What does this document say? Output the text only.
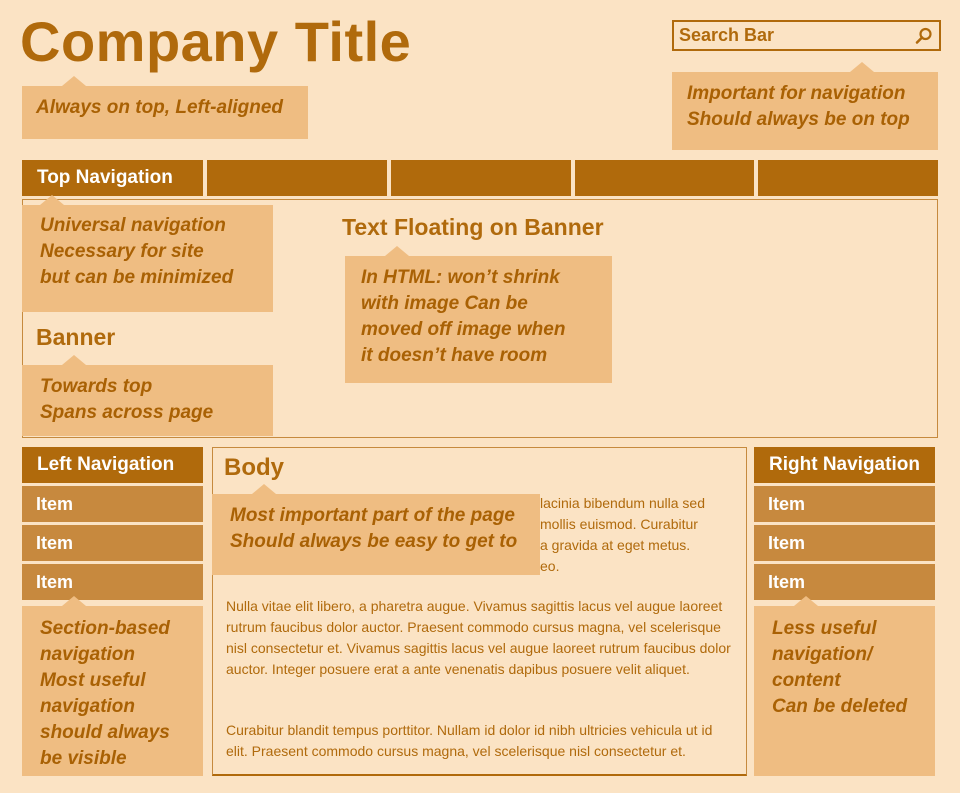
Company Title
Always on top, Left-aligned
Search Bar
Important for navigation
Should always be on top
Top Navigation
Universal navigation
Necessary for site
but can be minimized
Banner
Towards top
Spans across page
Text Floating on Banner
In HTML: won’t shrink
with image Can be
moved off image when
it doesn’t have room
Left Navigation
Item
Item
Item
Section-based
navigation
Most useful
navigation
should always
be visible
Body

lacinia bibendum nulla sed

mollis euismod. Curabitur

a gravida at eget metus.

eo.

Most important part of the page
Should always be easy to get to

Nulla vitae elit libero, a pharetra augue. Vivamus sagittis lacus vel augue laoreet rutrum faucibus dolor auctor. Praesent commodo cursus magna, vel scelerisque nisl consectetur et. Vivamus sagittis lacus vel augue laoreet rutrum faucibus dolor auctor. Integer posuere erat a ante venenatis dapibus posuere velit aliquet.

Curabitur blandit tempus porttitor. Nullam id dolor id nibh ultricies vehicula ut id elit. Praesent commodo cursus magna, vel scelerisque nisl consectetur et.

Right Navigation
Item
Item
Item
Less useful
navigation/
content
Can be deleted
